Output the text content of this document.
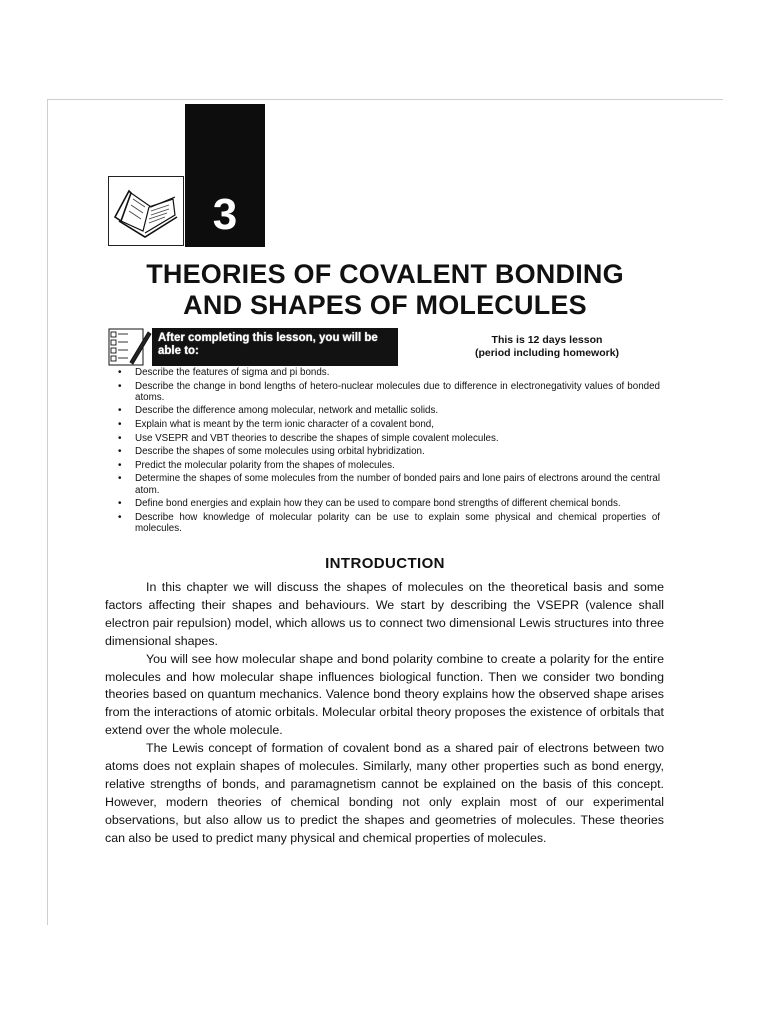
3
THEORIES OF COVALENT BONDING
AND SHAPES OF MOLECULES
After completing this lesson, you will be able to:
This is 12 days lesson
(period including homework)
• Describe the features of sigma and pi bonds.
• Describe the change in bond lengths of hetero-nuclear molecules due to difference in electronegativity values of bonded atoms.
• Describe the difference among molecular, network and metallic solids.
• Explain what is meant by the term ionic character of a covalent bond,
• Use VSEPR and VBT theories to describe the shapes of simple covalent molecules.
• Describe the shapes of some molecules using orbital hybridization.
• Predict the molecular polarity from the shapes of molecules.
• Determine the shapes of some molecules from the number of bonded pairs and lone pairs of electrons around the central atom.
• Define bond energies and explain how they can be used to compare bond strengths of different chemical bonds.
• Describe how knowledge of molecular polarity can be use to explain some physical and chemical properties of molecules.
INTRODUCTION

In this chapter we will discuss the shapes of molecules on the theoretical basis and some factors affecting their shapes and behaviours. We start by describing the VSEPR (valence shall electron pair repulsion) model, which allows us to connect two dimensional Lewis structures into three dimensional shapes.

You will see how molecular shape and bond polarity combine to create a polarity for the entire molecules and how molecular shape influences biological function. Then we consider two bonding theories based on quantum mechanics. Valence bond theory explains how the observed shape arises from the interactions of atomic orbitals. Molecular orbital theory proposes the existence of orbitals that extend over the whole molecule.

The Lewis concept of formation of covalent bond as a shared pair of electrons between two atoms does not explain shapes of molecules. Similarly, many other properties such as bond energy, relative strengths of bonds, and paramagnetism cannot be explained on the basis of this concept. However, modern theories of chemical bonding not only explain most of our experimental observations, but also allow us to predict the shapes and geometries of molecules. These theories can also be used to predict many physical and chemical properties of molecules.
